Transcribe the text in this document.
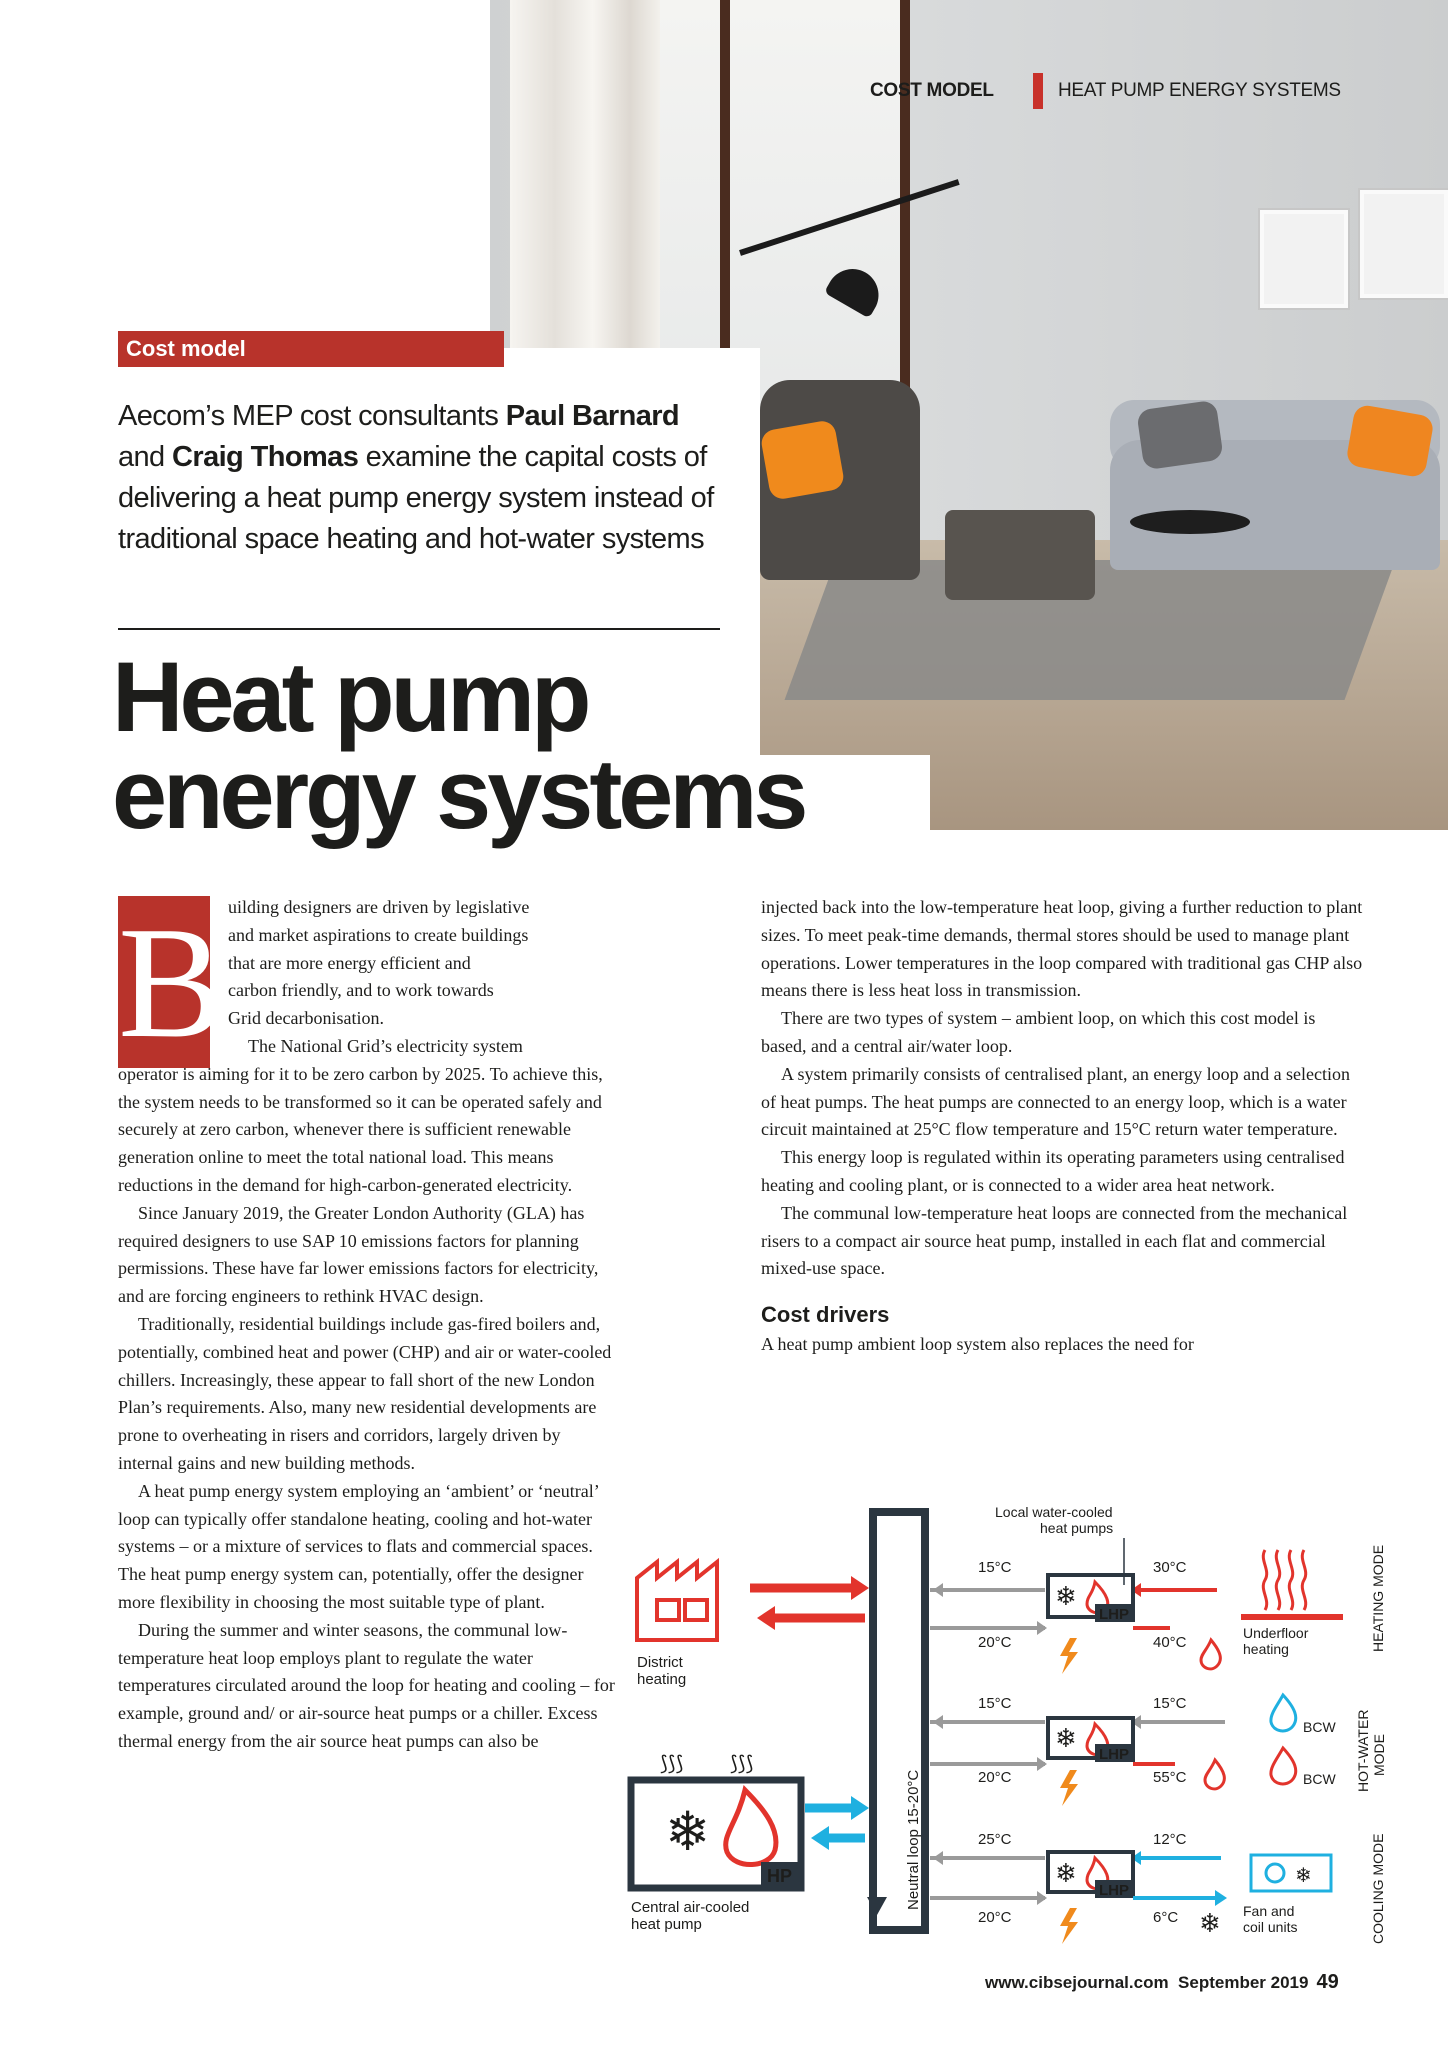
COST MODEL	HEAT PUMP ENERGY SYSTEMS
Cost model
Aecom’s MEP cost consultants Paul Barnard and Craig Thomas examine the capital costs of delivering a heat pump energy system instead of traditional space heating and hot-water systems
Heat pump
energy systems
B uilding designers are driven by legislative
and market aspirations to create buildings
that are more energy efficient and
carbon friendly, and to work towards
Grid decarbonisation.
The National Grid’s electricity system

operator is aiming for it to be zero carbon by 2025. To achieve this, the system needs to be transformed so it can be operated safely and securely at zero carbon, whenever there is sufficient renewable generation online to meet the total national load. This means reductions in the demand for high-carbon-generated electricity.

Since January 2019, the Greater London Authority (GLA) has required designers to use SAP 10 emissions factors for planning permissions. These have far lower emissions factors for electricity, and are forcing engineers to rethink HVAC design.

Traditionally, residential buildings include gas-fired boilers and, potentially, combined heat and power (CHP) and air or water-cooled chillers. Increasingly, these appear to fall short of the new London Plan’s requirements. Also, many new residential developments are prone to overheating in risers and corridors, largely driven by internal gains and new building methods.

A heat pump energy system employing an ‘ambient’ or ‘neutral’ loop can typically offer standalone heating, cooling and hot-water systems – or a mixture of services to flats and commercial spaces. The heat pump energy system can, potentially, offer the designer more flexibility in choosing the most suitable type of plant.

During the summer and winter seasons, the communal low-temperature heat loop employs plant to regulate the water temperatures circulated around the loop for heating and cooling – for example, ground and/ or air-source heat pumps or a chiller. Excess thermal energy from the air source heat pumps can also be

injected back into the low-temperature heat loop, giving a further reduction to plant sizes. To meet peak-time demands, thermal stores should be used to manage plant operations. Lower temperatures in the loop compared with traditional gas CHP also means there is less heat loss in transmission.

There are two types of system – ambient loop, on which this cost model is based, and a central air/water loop.

A system primarily consists of centralised plant, an energy loop and a selection of heat pumps. The heat pumps are connected to an energy loop, which is a water circuit maintained at 25°C flow temperature and 15°C return water temperature.

This energy loop is regulated within its operating parameters using centralised heating and cooling plant, or is connected to a wider area heat network.

The communal low-temperature heat loops are connected from the mechanical risers to a compact air source heat pump, installed in each flat and commercial mixed-use space.

Cost drivers

A heat pump ambient loop system also replaces the need for

Neutral loop 15-20°C
District
heating
❄
HP
⟆⟆⟆ ⟆⟆⟆
Central air-cooled
heat pump
Local water-cooled
heat pumps
15°C	30°C
❄
LHP
20°C	40°C
Underfloor
heating	HEATING MODE
15°C	15°C
❄
LHP
20°C	55°C
BCW
BCW HOT-WATER MODE
25°C	12°C
❄
LHP
20°C	6°C ❄
❄
Fan and
coil units	COOLING MODE
www.cibsejournal.com September 2019 49
